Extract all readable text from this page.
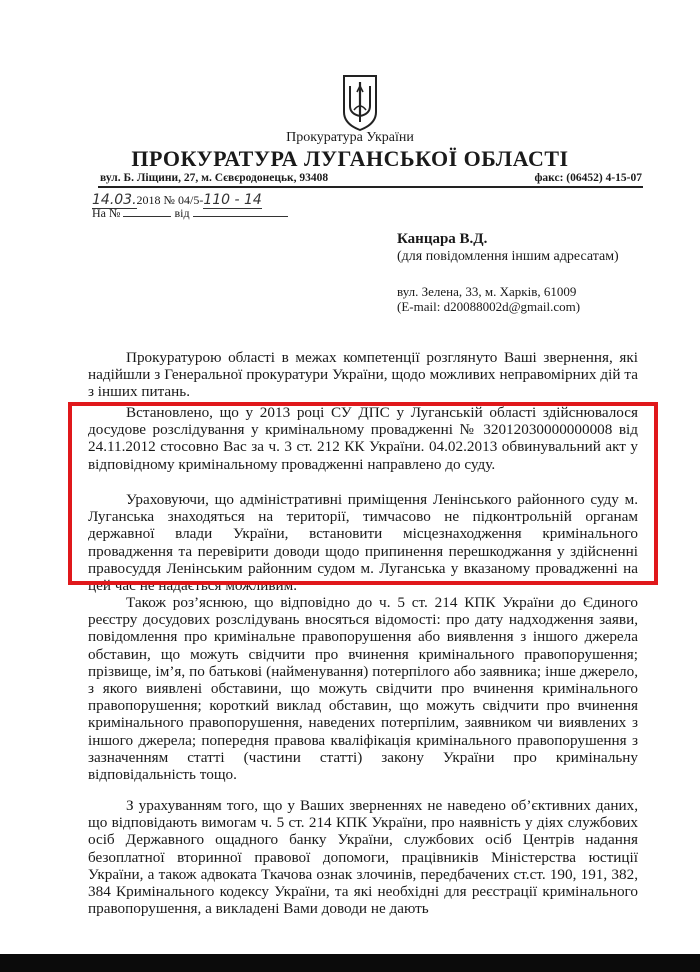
Прокуратура України
ПРОКУРАТУРА ЛУГАНСЬКОЇ ОБЛАСТІ
вул. Б. Ліщини, 27, м. Сєвєродонецьк, 93408	факс: (06452) 4-15-07
14.03.2018 № 04/5-110 - 14
На №	від
Канцара В.Д.
(для повідомлення іншим адресатам)
вул. Зелена, 33, м. Харків, 61009
(E-mail: d20088002d@gmail.com)

Прокуратурою області в межах компетенції розглянуто Ваші звернення, які надійшли з Генеральної прокуратури України, щодо можливих неправомірних дій та з інших питань.

Встановлено, що у 2013 році СУ ДПС у Луганській області здійснювалося досудове розслідування у кримінальному провадженні № 32012030000000008 від 24.11.2012 стосовно Вас за ч. 3 ст. 212 КК України. 04.02.2013 обвинувальний акт у відповідному кримінальному провадженні направлено до суду.

Ураховуючи, що адміністративні приміщення Ленінського районного суду м. Луганська знаходяться на території, тимчасово не підконтрольній органам державної влади України, встановити місцезнаходження кримінального провадження та перевірити доводи щодо припинення перешкоджання у здійсненні правосуддя Ленінським районним судом м. Луганська у вказаному провадженні на цей час не надається можливим.

Також роз’яснюю, що відповідно до ч. 5 ст. 214 КПК України до Єдиного реєстру досудових розслідувань вносяться відомості: про дату надходження заяви, повідомлення про кримінальне правопорушення або виявлення з іншого джерела обставин, що можуть свідчити про вчинення кримінального правопорушення; прізвище, ім’я, по батькові (найменування) потерпілого або заявника; інше джерело, з якого виявлені обставини, що можуть свідчити про вчинення кримінального правопорушення; короткий виклад обставин, що можуть свідчити про вчинення кримінального правопорушення, наведених потерпілим, заявником чи виявлених з іншого джерела; попередня правова кваліфікація кримінального правопорушення з зазначенням статті (частини статті) закону України про кримінальну відповідальність тощо.

З урахуванням того, що у Ваших зверненнях не наведено об’єктивних даних, що відповідають вимогам ч. 5 ст. 214 КПК України, про наявність у діях службових осіб Державного ощадного банку України, службових осіб Центрів надання безоплатної вторинної правової допомоги, працівників Міністерства юстиції України, а також адвоката Ткачова ознак злочинів, передбачених ст.ст. 190, 191, 382, 384 Кримінального кодексу України, та які необхідні для реєстрації кримінального правопорушення, а викладені Вами доводи не дають
